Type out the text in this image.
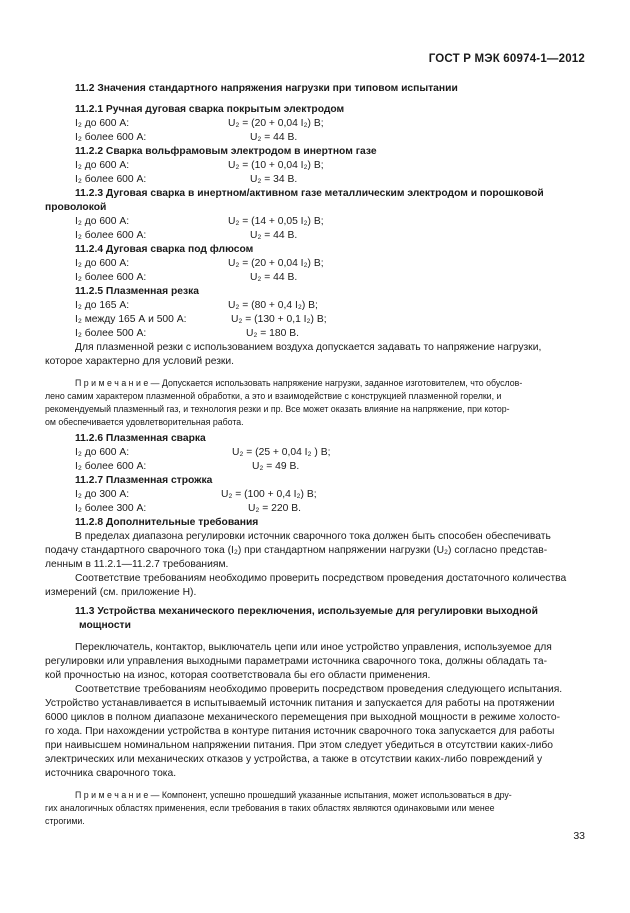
ГОСТ Р МЭК 60974-1—2012
11.2 Значения стандартного напряжения нагрузки при типовом испытании
11.2.1 Ручная дуговая сварка покрытым электродом
I₂ до 600 А:	U₂ = (20 + 0,04 I₂) В;
I₂ более 600 А:	U₂ = 44 В.
11.2.2 Сварка вольфрамовым электродом в инертном газе
I₂ до 600 А:	U₂ = (10 + 0,04 I₂) В;
I₂ более 600 А:	U₂ = 34 В.
11.2.3 Дуговая сварка в инертном/активном газе металлическим электродом и порошковой
проволокой
I₂ до 600 А:	U₂ = (14 + 0,05 I₂) В;
I₂ более 600 А:	U₂ = 44 В.
11.2.4 Дуговая сварка под флюсом
I₂ до 600 А:	U₂ = (20 + 0,04 I₂) В;
I₂ более 600 А:	U₂ = 44 В.
11.2.5 Плазменная резка
I₂ до 165 А:	U₂ = (80 + 0,4 I₂) В;
I₂ между 165 А и 500 А:	U₂ = (130 + 0,1 I₂) В;
I₂ более 500 А:	U₂ = 180 В.
Для плазменной резки с использованием воздуха допускается задавать то напряжение нагрузки,
которое характерно для условий резки.
П р и м е ч а н и е — Допускается использовать напряжение нагрузки, заданное изготовителем, что обуслов-
лено самим характером плазменной обработки, а это и взаимодействие с конструкцией плазменной горелки, и
рекомендуемый плазменный газ, и технология резки и пр. Все может оказать влияние на напряжение, при котор-
ом обеспечивается удовлетворительная работа.
11.2.6 Плазменная сварка
I₂ до 600 А:	U₂ = (25 + 0,04 I₂ ) В;
I₂ более 600 А:	U₂ = 49 В.
11.2.7 Плазменная строжка
I₂ до 300 А:	U₂ = (100 + 0,4 I₂) В;
I₂ более 300 А:	U₂ = 220 В.
11.2.8 Дополнительные требования
В пределах диапазона регулировки источник сварочного тока должен быть способен обеспечивать
подачу стандартного сварочного тока (I₂) при стандартном напряжении нагрузки (U₂) согласно представ-
ленным в 11.2.1—11.2.7 требованиям.
Соответствие требованиям необходимо проверить посредством проведения достаточного количества
измерений (см. приложение Н).
11.3 Устройства механического переключения, используемые для регулировки выходной
мощности
Переключатель, контактор, выключатель цепи или иное устройство управления, используемое для
регулировки или управления выходными параметрами источника сварочного тока, должны обладать та-
кой прочностью на износ, которая соответствовала бы его области применения.
Соответствие требованиям необходимо проверить посредством проведения следующего испытания.
Устройство устанавливается в испытываемый источник питания и запускается для работы на протяжении
6000 циклов в полном диапазоне механического перемещения при выходной мощности в режиме холосто-
го хода. При нахождении устройства в контуре питания источник сварочного тока запускается для работы
при наивысшем номинальном напряжении питания. При этом следует убедиться в отсутствии каких-либо
электрических или механических отказов у устройства, а также в отсутствии каких-либо повреждений у
источника сварочного тока.
П р и м е ч а н и е — Компонент, успешно прошедший указанные испытания, может использоваться в дру-
гих аналогичных областях применения, если требования в таких областях являются одинаковыми или менее
строгими.
33
